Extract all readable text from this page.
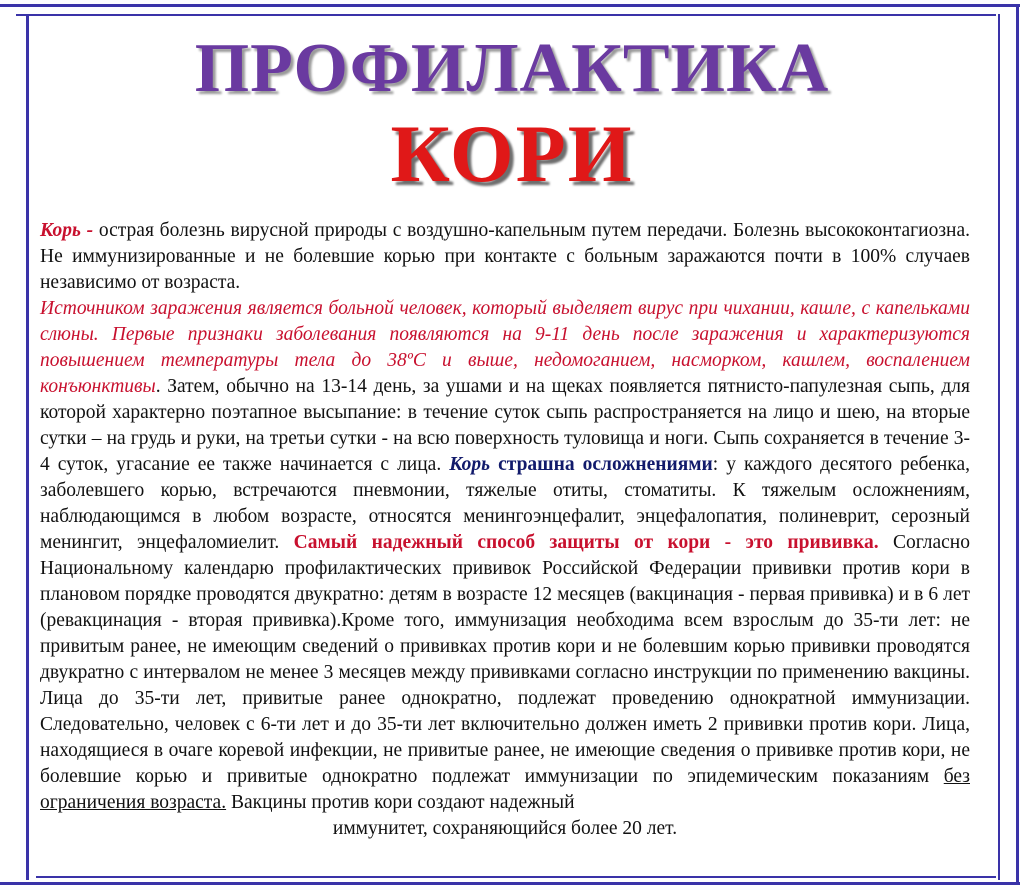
ПРОФИЛАКТИКА
КОРИ

Корь - острая болезнь вирусной природы с воздушно-капельным путем передачи. Болезнь высококонтагиозна. Не иммунизированные и не болевшие корью при контакте с больным заражаются почти в 100% случаев независимо от возраста.

Источником заражения является больной человек, который выделяет вирус при чихании, кашле, с капельками слюны. Первые признаки заболевания появляются на 9-11 день после заражения и характеризуются повышением температуры тела до 38ºС и выше, недомоганием, насморком, кашлем, воспалением конъюнктивы. Затем, обычно на 13-14 день, за ушами и на щеках появляется пятнисто-папулезная сыпь, для которой характерно поэтапное высыпание: в течение суток сыпь распространяется на лицо и шею, на вторые сутки – на грудь и руки, на третьи сутки - на всю поверхность туловища и ноги. Сыпь сохраняется в течение 3-4 суток, угасание ее также начинается с лица. Корь страшна осложнениями: у каждого десятого ребенка, заболевшего корью, встречаются пневмонии, тяжелые отиты, стоматиты. К тяжелым осложнениям, наблюдающимся в любом возрасте, относятся менингоэнцефалит, энцефалопатия, полиневрит, серозный менингит, энцефаломиелит. Самый надежный способ защиты от кори - это прививка. Согласно Национальному календарю профилактических прививок Российской Федерации прививки против кори в плановом порядке проводятся двукратно: детям в возрасте 12 месяцев (вакцинация - первая прививка) и в 6 лет (ревакцинация - вторая прививка).Кроме того, иммунизация необходима всем взрослым до 35-ти лет: не привитым ранее, не имеющим сведений о прививках против кори и не болевшим корью прививки проводятся двукратно с интервалом не менее 3 месяцев между прививками согласно инструкции по применению вакцины. Лица до 35-ти лет, привитые ранее однократно, подлежат проведению однократной иммунизации. Следовательно, человек с 6-ти лет и до 35-ти лет включительно должен иметь 2 прививки против кори. Лица, находящиеся в очаге коревой инфекции, не привитые ранее, не имеющие сведения о прививке против кори, не болевшие корью и привитые однократно подлежат иммунизации по эпидемическим показаниям без ограничения возраста. Вакцины против кори создают надежный
иммунитет, сохраняющийся более 20 лет.
